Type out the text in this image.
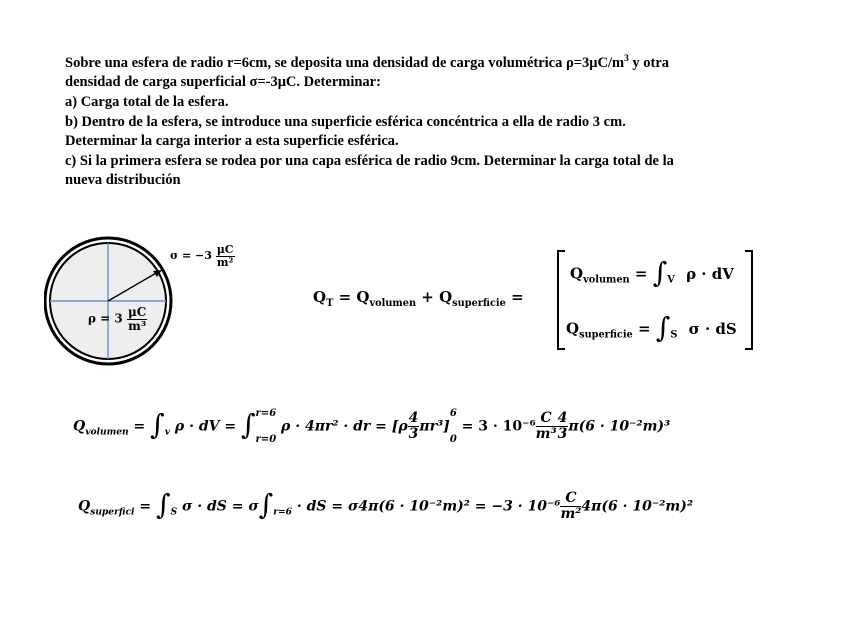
Sobre una esfera de radio r=6cm, se deposita una densidad de carga volumétrica $\rho=3\mu C/m^3$ y otra

densidad de carga superficial σ=-3μC. Determinar:

a) Carga total de la esfera.

b) Dentro de la esfera, se introduce una superficie esférica concéntrica a ella de radio 3 cm.

Determinar la carga interior a esta superficie esférica.

c) Si la primera esfera se rodea por una capa esférica de radio 9cm. Determinar la carga total de la

nueva distribución

$\sigma = -3 \frac{\mu C}{\text{m²}}$
$\rho = 3 \frac{\mu C}{\text{m³}}$
$Q_T = Q_{volumen} + Q_{superficie}$ =
$Q_{volumen} = \int_V$ ρ · dV
$Q_{superficie} = \int_S$ σ · dS
$Q_{volumen} = \int_v$ ρ · dV = ∫ r=6

r=0
ρ · 4πr² · dr = $[\rho \frac{4}{3} \pi r^3]$
6

0
= $3 \cdot 10^{-6} \frac{C}{\text{m³}} \frac{4}{3} \pi(6 \cdot 10^{-2}m)^3$
$Q_{superfici} = \int_S$ σ · dS = $\sigma\int_{r=6}$ · dS = $\sigma 4\pi(6 \cdot 10^{-2}m)^2 = -3 \cdot 10^{-6} \frac{C}{\text{m²}} 4\pi(6 \cdot 10^{-2}m)^2$
